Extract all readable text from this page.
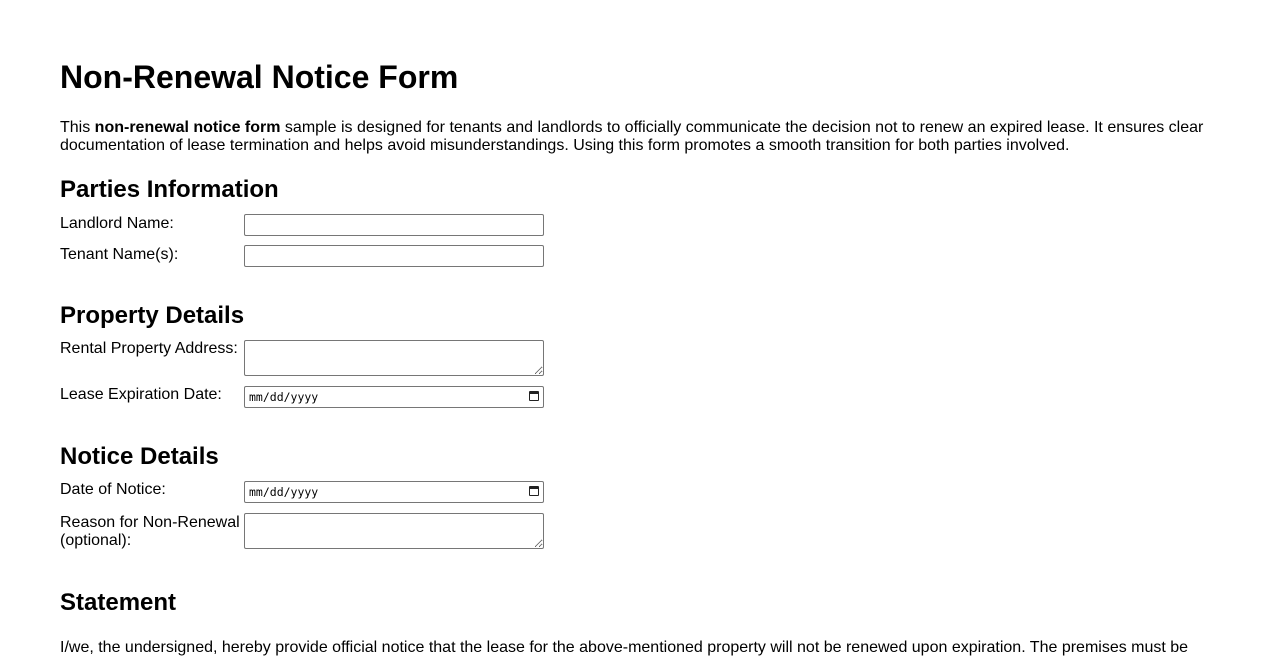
Non-Renewal Notice Form

This non-renewal notice form sample is designed for tenants and landlords to officially communicate the decision not to renew an expired lease. It ensures clear documentation of lease termination and helps avoid misunderstandings. Using this form promotes a smooth transition for both parties involved.

Parties Information
Landlord Name:
Tenant Name(s):
Property Details
Rental Property Address:
Lease Expiration Date:	mm/dd/yyyy
Notice Details
Date of Notice:	mm/dd/yyyy
Reason for Non-Renewal (optional):
Statement

I/we, the undersigned, hereby provide official notice that the lease for the above-mentioned property will not be renewed upon expiration. The premises must be
